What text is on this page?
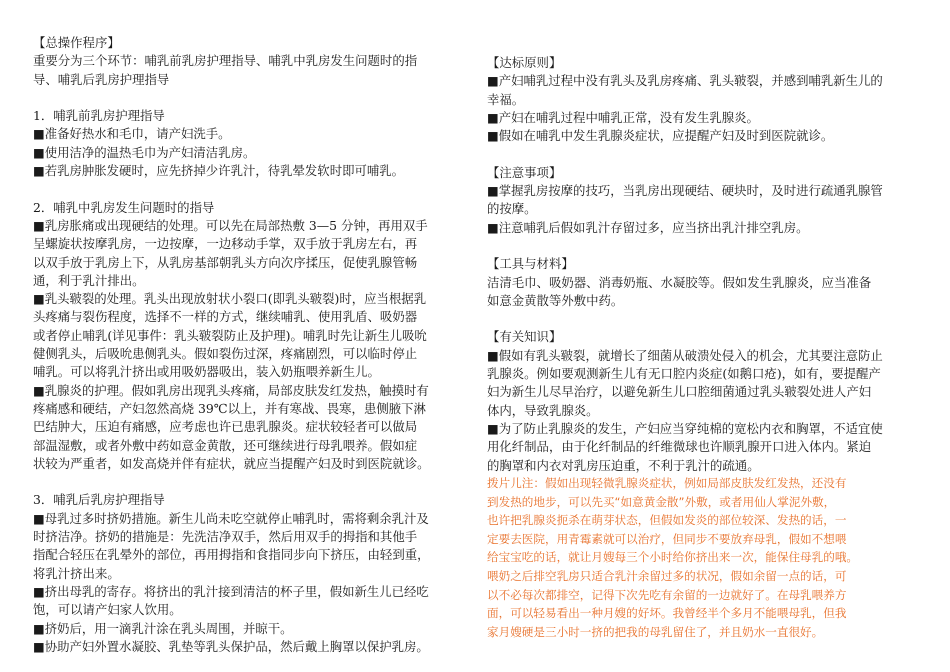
【总操作程序】
重要分为三个环节：哺乳前乳房护理指导、哺乳中乳房发生问题时的指
导、哺乳后乳房护理指导
1．哺乳前乳房护理指导
■准备好热水和毛巾，请产妇洗手。
■使用洁净的温热毛巾为产妇清洁乳房。
■若乳房肿胀发硬时，应先挤掉少许乳汁，待乳晕发软时即可哺乳。
2．哺乳中乳房发生问题时的指导
■乳房胀痛或出现硬结的处理。可以先在局部热敷 3—5 分钟，再用双手
呈螺旋状按摩乳房，一边按摩，一边移动手掌，双手放于乳房左右，再
以双手放于乳房上下，从乳房基部朝乳头方向次序揉压，促使乳腺管畅
通，利于乳汁排出。
■乳头皲裂的处理。乳头出现放射状小裂口(即乳头皲裂)时，应当根据乳
头疼痛与裂伤程度，选择不一样的方式，继续哺乳、使用乳盾、吸奶器
或者停止哺乳(详见事件：乳头皲裂防止及护理)。哺乳时先让新生儿吸吮
健侧乳头，后吸吮患侧乳头。假如裂伤过深，疼痛剧烈，可以临时停止
哺乳。可以将乳汁挤出或用吸奶器吸出，装入奶瓶喂养新生儿。
■乳腺炎的护理。假如乳房出现乳头疼痛，局部皮肤发红发热，触摸时有
疼痛感和硬结，产妇忽然高烧 39℃以上，并有寒战、畏寒，患侧腋下淋
巴结肿大，压迫有痛感，应考虑也许已患乳腺炎。症状较轻者可以做局
部温湿敷，或者外敷中药如意金黄散，还可继续进行母乳喂养。假如症
状较为严重者，如发高烧并伴有症状，就应当提醒产妇及时到医院就诊。
3．哺乳后乳房护理指导
■母乳过多时挤奶措施。新生儿尚未吃空就停止哺乳时，需将剩余乳汁及
时挤洁净。挤奶的措施是：先洗洁净双手，然后用双手的拇指和其他手
指配合轻压在乳晕外的部位，再用拇指和食指同步向下挤压，由轻到重，
将乳汁挤出来。
■挤出母乳的寄存。将挤出的乳汁接到清洁的杯子里，假如新生儿已经吃
饱，可以请产妇家人饮用。
■挤奶后，用一滴乳汁涂在乳头周围，并晾干。
■协助产妇外置水凝胶、乳垫等乳头保护品，然后戴上胸罩以保护乳房。
【达标原则】
■产妇哺乳过程中没有乳头及乳房疼痛、乳头皲裂，并感到哺乳新生儿的
幸福。
■产妇在哺乳过程中哺乳正常，没有发生乳腺炎。
■假如在哺乳中发生乳腺炎症状，应提醒产妇及时到医院就诊。
【注意事项】
■掌握乳房按摩的技巧，当乳房出现硬结、硬块时，及时进行疏通乳腺管
的按摩。
■注意哺乳后假如乳汁存留过多，应当挤出乳汁排空乳房。
【工具与材料】
洁清毛巾、吸奶器、消毒奶瓶、水凝胶等。假如发生乳腺炎，应当准备
如意金黄散等外敷中药。
【有关知识】
■假如有乳头皲裂，就增长了细菌从破溃处侵入的机会，尤其要注意防止
乳腺炎。例如要观测新生儿有无口腔内炎症(如鹅口疮)，如有，要提醒产
妇为新生儿尽早治疗，以避免新生儿口腔细菌通过乳头皲裂处进人产妇
体内，导致乳腺炎。
■为了防止乳腺炎的发生，产妇应当穿纯棉的宽松内衣和胸罩，不适宜使
用化纤制品，由于化纤制品的纤维微球也许顺乳腺开口进入体内。紧迫
的胸罩和内衣对乳房压迫重，不利于乳汁的疏通。
拨片儿注：假如出现轻微乳腺炎症状，例如局部皮肤发红发热，还没有
到发热的地步，可以先买“如意黄金散”外敷，或者用仙人掌泥外敷，
也许把乳腺炎扼杀在萌芽状态，但假如发炎的部位较深、发热的话，一
定要去医院，用青霉素就可以治疗，但同步不要放弃母乳，假如不想喂
给宝宝吃的话，就让月嫂每三个小时给你挤出来一次，能保住母乳的哦。
喂奶之后排空乳房只适合乳汁余留过多的状况，假如余留一点的话，可
以不必每次都排空，记得下次先吃有余留的一边就好了。在母乳喂养方
面，可以轻易看出一种月嫂的好坏。我曾经半个多月不能喂母乳，但我
家月嫂硬是三小时一挤的把我的母乳留住了，并且奶水一直很好。
